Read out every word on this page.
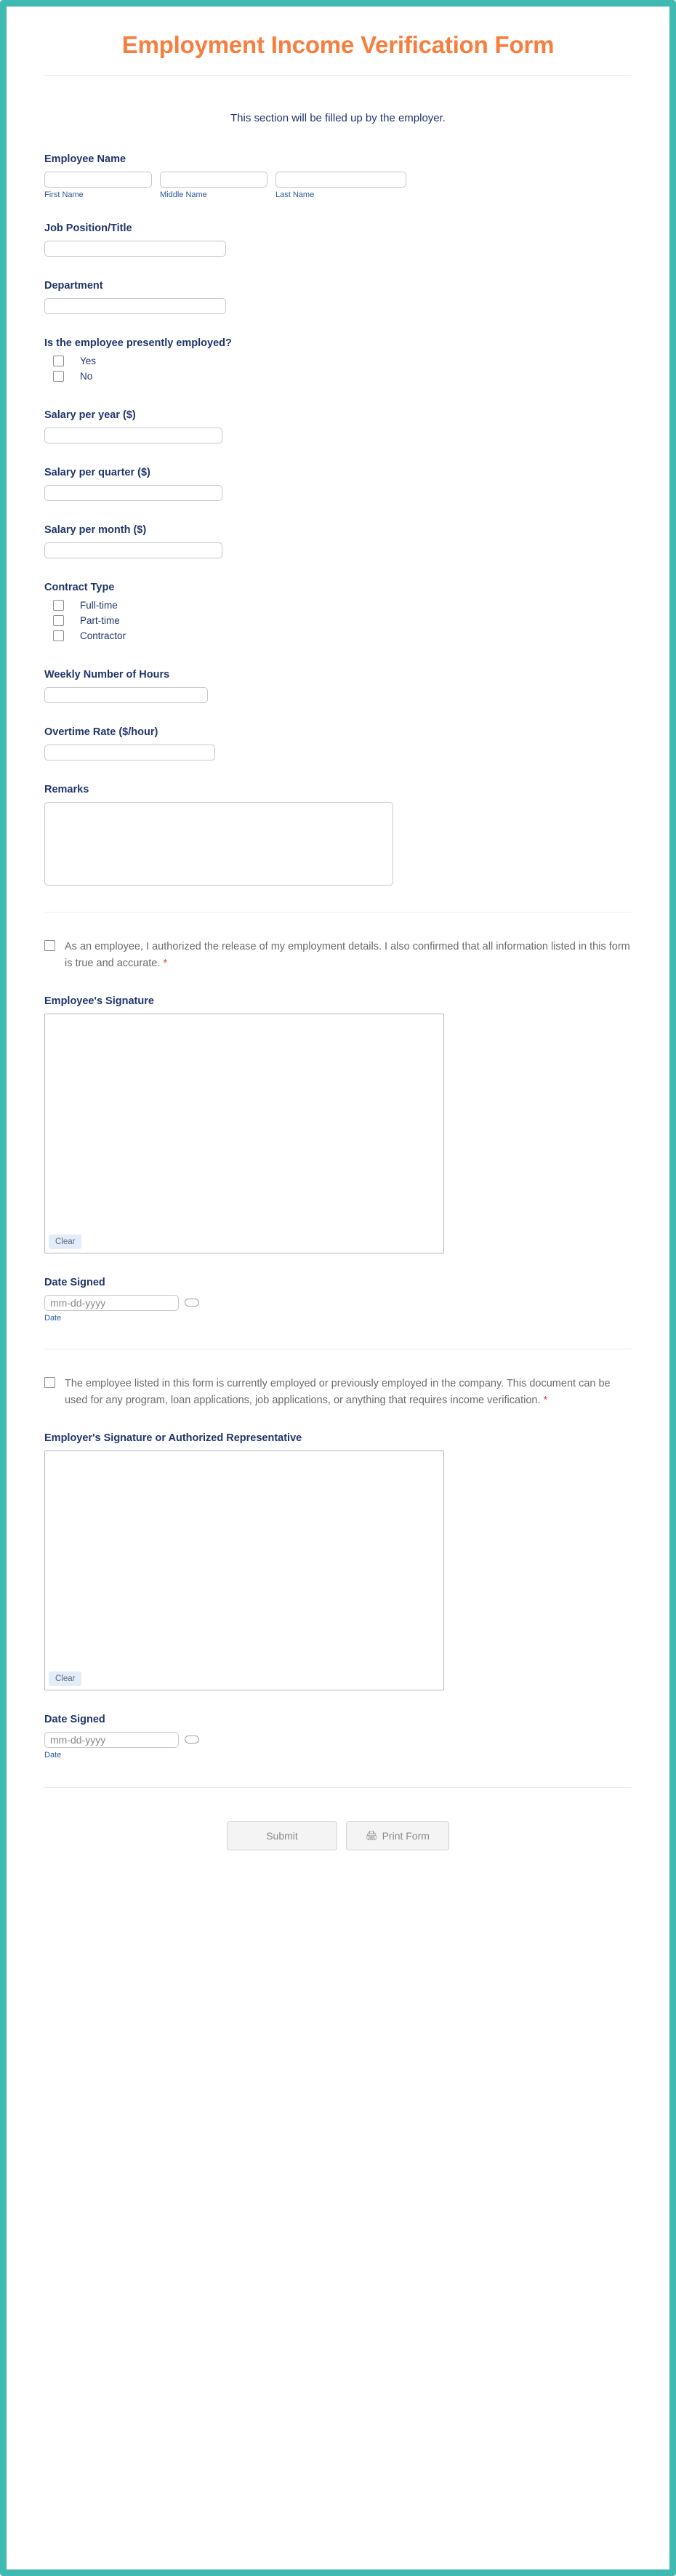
Employment Income Verification Form
This section will be filled up by the employer.
Employee Name
First Name	Middle Name	Last Name
Job Position/Title
Department
Is the employee presently employed?
Yes
No
Salary per year ($)
Salary per quarter ($)
Salary per month ($)
Contract Type
Full-time
Part-time
Contractor
Weekly Number of Hours
Overtime Rate ($/hour)
Remarks
As an employee, I authorized the release of my employment details. I also confirmed that all information listed in this form is true and accurate. *
Employee's Signature
Clear
Date Signed
mm-dd-yyyy
Date
The employee listed in this form is currently employed or previously employed in the company. This document can be used for any program, loan applications, job applications, or anything that requires income verification. *
Employer's Signature or Authorized Representative
Clear
Date Signed
mm-dd-yyyy
Date
Submit	🖨 Print Form
